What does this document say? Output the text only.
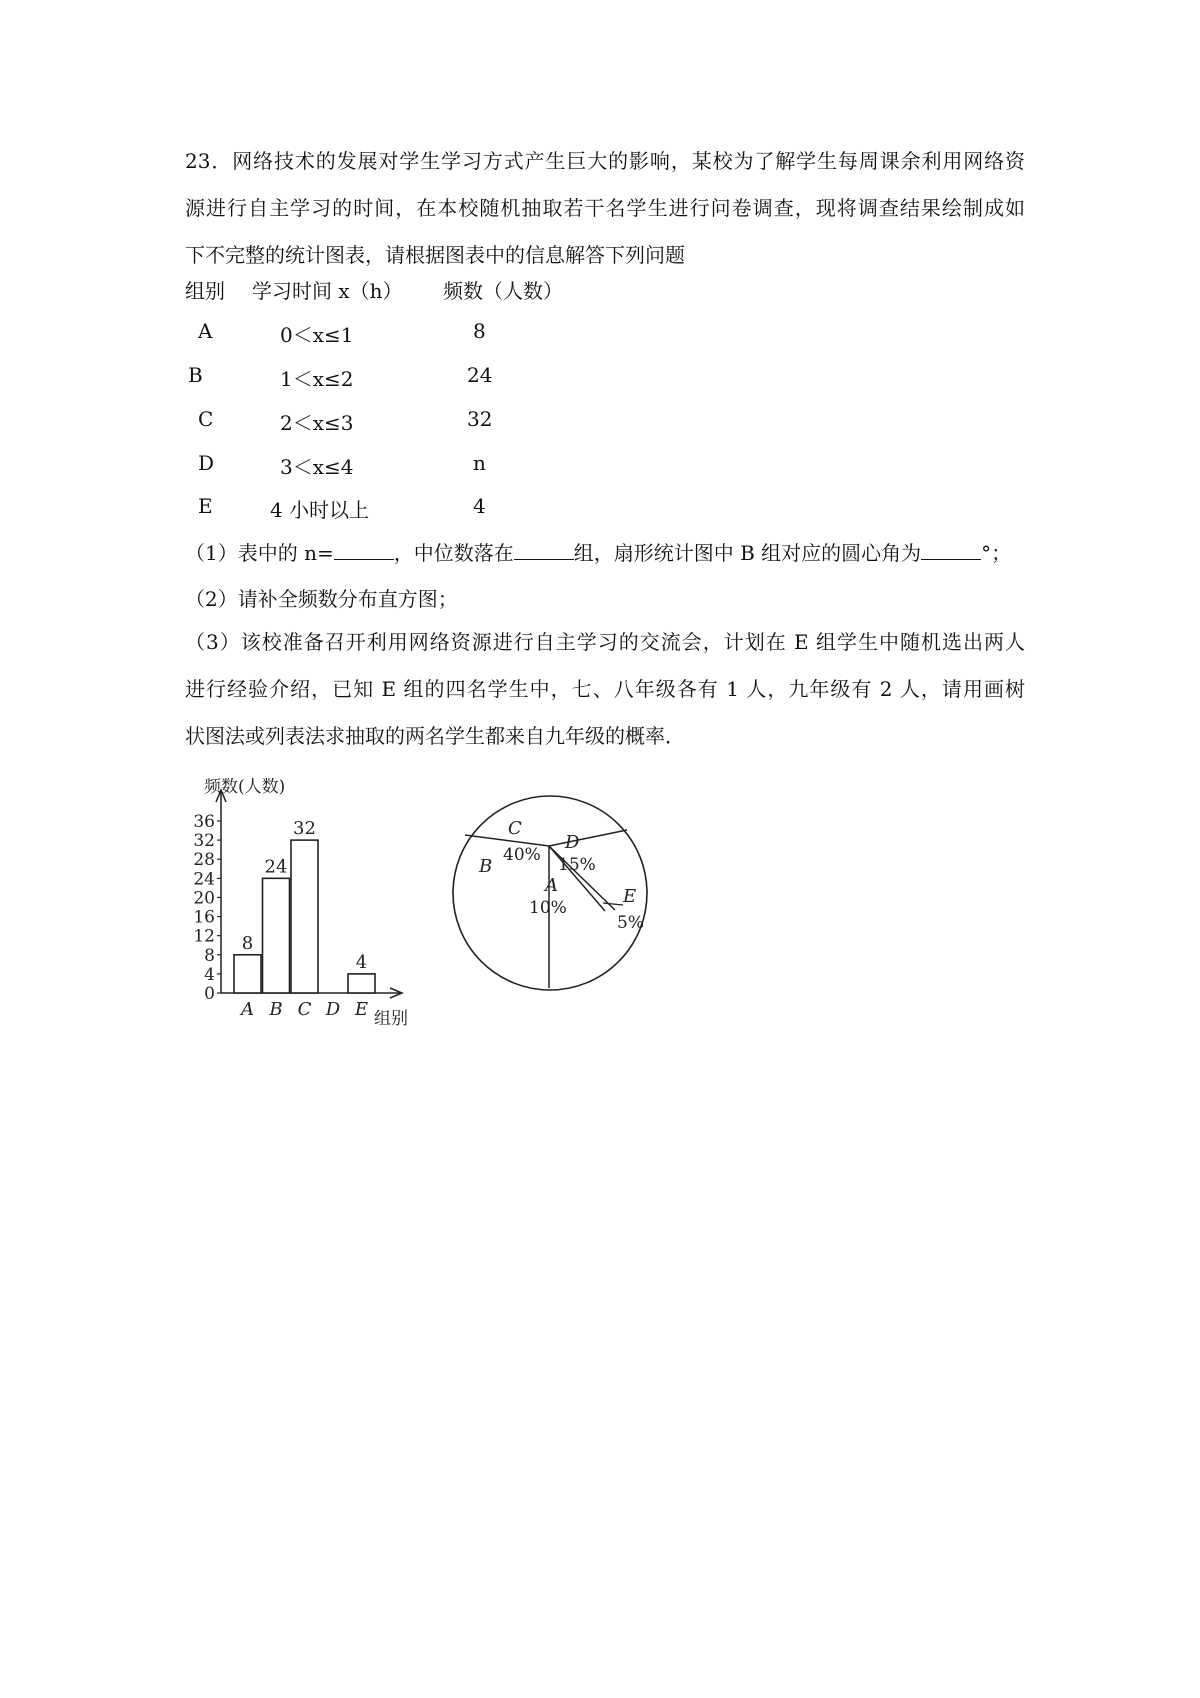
23．网络技术的发展对学生学习方式产生巨大的影响，某校为了解学生每周课余利用网络资
源进行自主学习的时间，在本校随机抽取若干名学生进行问卷调查，现将调查结果绘制成如
下不完整的统计图表，请根据图表中的信息解答下列问题
组别 学习时间 x（h） 频数（人数）
A	0＜x≤1	8
B	1＜x≤2	24
C	2＜x≤3	32
D	3＜x≤4	n
E	4 小时以上	4
（1）表中的 n=	，中位数落在	组，扇形统计图中 B 组对应的圆心角为	°；
（2）请补全频数分布直方图；
（3）该校准备召开利用网络资源进行自主学习的交流会，计划在 E 组学生中随机选出两人
进行经验介绍，已知 E 组的四名学生中，七、八年级各有 1 人，九年级有 2 人，请用画树
状图法或列表法求抽取的两名学生都来自九年级的概率．
频数(人数)
组别
0
4
8
12
16
20
24
28
32
36
8
A
24
B
32
C D
4
E
C
40%
D
15%
E
5%
A
10%
B
